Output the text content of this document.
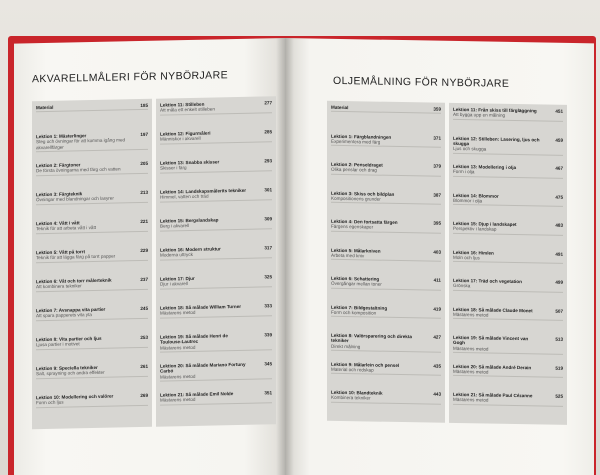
AKVARELLMÅLERI FÖR NYBÖRJARE
Material	185
Lektion 1: Mästerlinger	197
Steg och övningar för att komma igång med akvarellfärger
Lektion 2: Färgtoner	205
De första övningarna med färg och vatten
Lektion 3: Färgteknik	213
Övningar med blandningar och lasyrer
Lektion 4: Vått i vått	221
Teknik för att arbeta vått i vått
Lektion 5: Vått på torrt	229
Teknik för att lägga färg på torrt papper
Lektion 6: Våt och torr målerteknik	237
Att kombinera tekniker
Lektion 7: Avsnappa vita partier	245
Att spara papperets vita yta
Lektion 8: Vita partier och ljus	253
Ljusa partier i motivet
Lektion 9: Speciella tekniker	261
Salt, sprayning och andra effekter
Lektion 10: Modellering och valörer	269
Form och ljus
Lektion 11: Stilleben	277
Att måla ett enkelt stilleben
Lektion 12: Figurmåleri	285
Människor i akvarell
Lektion 13: Snabba skisser	293
Skisser i färg
Lektion 14: Landskapsmålerits tekniker	301
Himmel, vatten och träd
Lektion 15: Bergslandskap	309
Berg i akvarell
Lektion 16: Modern struktur	317
Moderna uttryck
Lektion 17: Djur	325
Djur i akvarell
Lektion 18: Så målade William Turner	333
Mästarens metod
Lektion 19: Så målade Henri de Toulouse-Lautrec
339
Mästarens metod
Lektion 20: Så målade Mariano Fortuny Carbó
345
Mästarens metod
Lektion 21: Så målade Emil Nolde	351
Mästarens metod
OLJEMÅLNING FÖR NYBÖRJARE
Material	359
Lektion 1: Färgblandningen	371
Experimentera med färg
Lektion 2: Penseldraget	379
Olika penslar och drag
Lektion 3: Skiss och bildplan	387
Kompositionens grunder
Lektion 4: Den fortsatta färgen	395
Färgens egenskaper
Lektion 5: Målarkniven	403
Arbeta med kniv
Lektion 6: Schattering	411
Övergångar mellan toner
Lektion 7: Bildgestaltning	419
Form och komposition
Lektion 8: Valörsparering och direkta tekniker
427
Direkt målning
Lektion 9: Målarlein och pensel	435
Material och redskap
Lektion 10: Blandteknik	443
Kombinera tekniker
Lektion 11: Från skiss till färgläggning	451
Att bygga upp en målning
Lektion 12: Stilleben: Lasering, ljus och skugga
459
Ljus och skugga
Lektion 13: Modellering i olja	467
Form i olja
Lektion 14: Blommor	475
Blommor i olja
Lektion 15: Djup i landskapet	483
Perspektiv i landskap
Lektion 16: Himlen	491
Moln och ljus
Lektion 17: Träd och vegetation	499
Grönska
Lektion 18: Så målade Claude Monet	507
Mästarens metod
Lektion 19: Så målade Vincent van Gogh
513
Mästarens metod
Lektion 20: Så målade André Derain	519
Mästarens metod
Lektion 21: Så målade Paul Cézanne	525
Mästarens metod
